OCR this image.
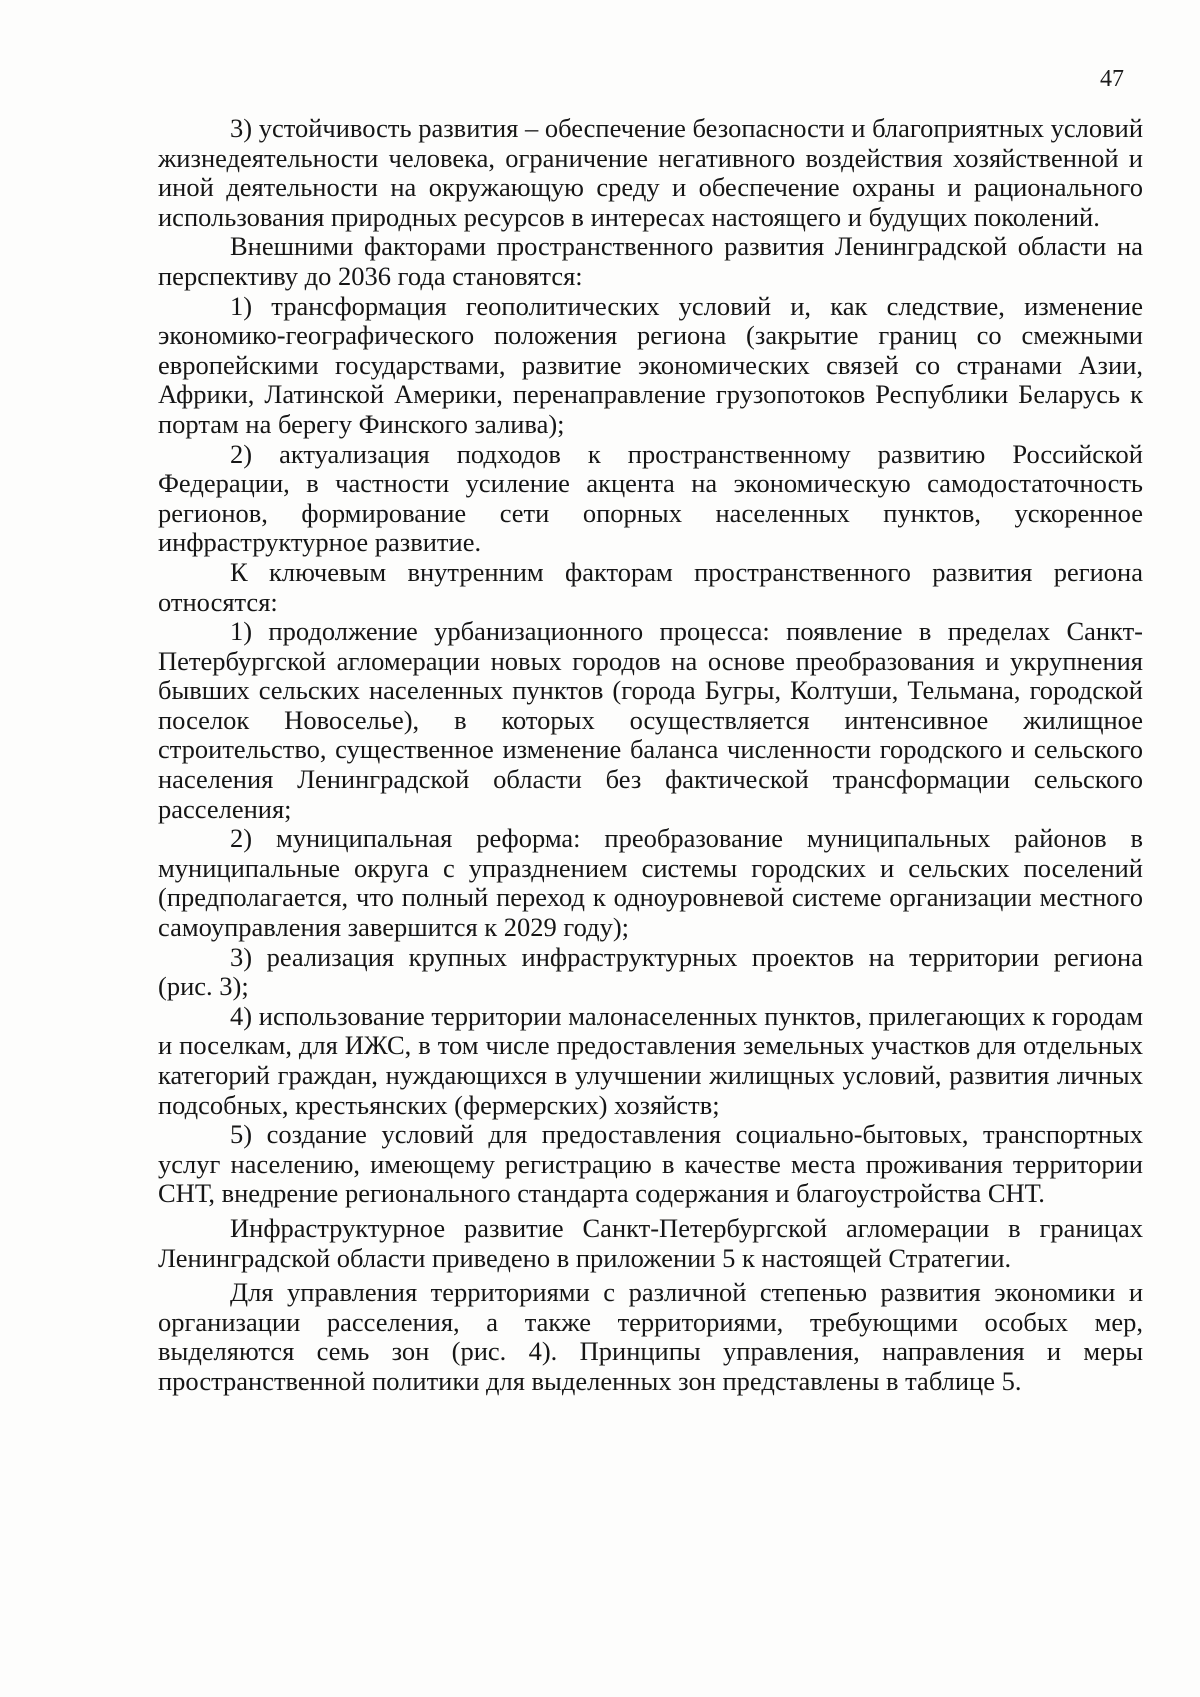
47

3) устойчивость развития – обеспечение безопасности и благоприятных условий жизнедеятельности человека, ограничение негативного воздействия хозяйственной и иной деятельности на окружающую среду и обеспечение охраны и рационального использования природных ресурсов в интересах настоящего и будущих поколений.

Внешними факторами пространственного развития Ленинградской области на перспективу до 2036 года становятся:

1) трансформация геополитических условий и, как следствие, изменение экономико-географического положения региона (закрытие границ со смежными европейскими государствами, развитие экономических связей со странами Азии, Африки, Латинской Америки, перенаправление грузопотоков Республики Беларусь к портам на берегу Финского залива);

2) актуализация подходов к пространственному развитию Российской Федерации, в частности усиление акцента на экономическую самодостаточность регионов, формирование сети опорных населенных пунктов, ускоренное инфраструктурное развитие.

К ключевым внутренним факторам пространственного развития региона относятся:

1) продолжение урбанизационного процесса: появление в пределах Санкт-Петербургской агломерации новых городов на основе преобразования и укрупнения бывших сельских населенных пунктов (города Бугры, Колтуши, Тельмана, городской поселок Новоселье), в которых осуществляется интенсивное жилищное строительство, существенное изменение баланса численности городского и сельского населения Ленинградской области без фактической трансформации сельского расселения;

2) муниципальная реформа: преобразование муниципальных районов в муниципальные округа с упразднением системы городских и сельских поселений (предполагается, что полный переход к одноуровневой системе организации местного самоуправления завершится к 2029 году);

3) реализация крупных инфраструктурных проектов на территории региона (рис. 3);

4) использование территории малонаселенных пунктов, прилегающих к городам и поселкам, для ИЖС, в том числе предоставления земельных участков для отдельных категорий граждан, нуждающихся в улучшении жилищных условий, развития личных подсобных, крестьянских (фермерских) хозяйств;

5) создание условий для предоставления социально-бытовых, транспортных услуг населению, имеющему регистрацию в качестве места проживания территории СНТ, внедрение регионального стандарта содержания и благоустройства СНТ.

Инфраструктурное развитие Санкт-Петербургской агломерации в границах Ленинградской области приведено в приложении 5 к настоящей Стратегии.

Для управления территориями с различной степенью развития экономики и организации расселения, а также территориями, требующими особых мер, выделяются семь зон (рис. 4). Принципы управления, направления и меры пространственной политики для выделенных зон представлены в таблице 5.
